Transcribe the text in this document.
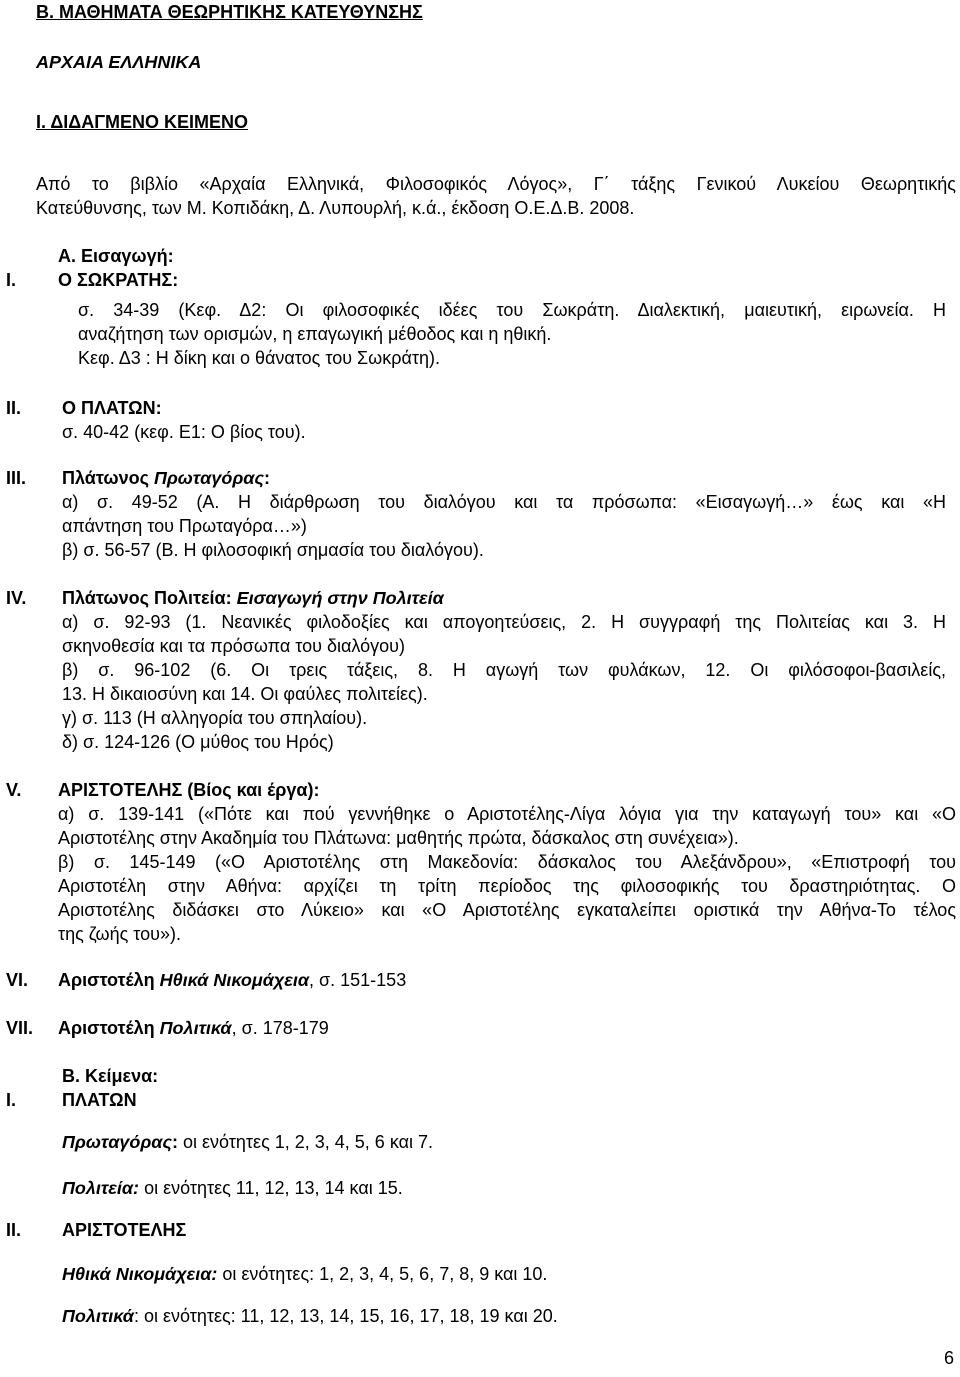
Β. ΜΑΘΗΜΑΤΑ ΘΕΩΡΗΤΙΚΗΣ ΚΑΤΕΥΘΥΝΣΗΣ
ΑΡΧΑΙΑ ΕΛΛΗΝΙΚΑ
Ι. ΔΙΔΑΓΜΕΝΟ ΚΕΙΜΕΝΟ
Από το βιβλίο «Αρχαία Ελληνικά, Φιλοσοφικός Λόγος», Γ΄ τάξης Γενικού Λυκείου Θεωρητικής
Κατεύθυνσης, των Μ. Κοπιδάκη, Δ. Λυπουρλή, κ.ά., έκδοση Ο.Ε.Δ.Β. 2008.
Α. Εισαγωγή:
I. Ο ΣΩΚΡΑΤΗΣ:
σ. 34-39 (Κεφ. Δ2: Οι φιλοσοφικές ιδέες του Σωκράτη. Διαλεκτική, μαιευτική, ειρωνεία. Η
αναζήτηση των ορισμών, η επαγωγική μέθοδος και η ηθική.
Κεφ. Δ3 : Η δίκη και ο θάνατος του Σωκράτη).
II. Ο ΠΛΑΤΩΝ:
σ. 40-42 (κεφ. Ε1: Ο βίος του).
III. Πλάτωνος Πρωταγόρας:
α) σ. 49-52 (Α. Η διάρθρωση του διαλόγου και τα πρόσωπα: «Εισαγωγή…» έως και «Η
απάντηση του Πρωταγόρα…»)
β) σ. 56-57 (Β. Η φιλοσοφική σημασία του διαλόγου).
IV. Πλάτωνος Πολιτεία: Εισαγωγή στην Πολιτεία
α) σ. 92-93 (1. Νεανικές φιλοδοξίες και απογοητεύσεις, 2. Η συγγραφή της Πολιτείας και 3. Η
σκηνοθεσία και τα πρόσωπα του διαλόγου)
β) σ. 96-102 (6. Οι τρεις τάξεις, 8. Η αγωγή των φυλάκων, 12. Οι φιλόσοφοι-βασιλείς,
13. Η δικαιοσύνη και 14. Οι φαύλες πολιτείες).
γ) σ. 113 (Η αλληγορία του σπηλαίου).
δ) σ. 124-126 (Ο μύθος του Ηρός)
V. ΑΡΙΣΤΟΤΕΛΗΣ (Βίος και έργα):
α) σ. 139-141 («Πότε και πού γεννήθηκε ο Αριστοτέλης-Λίγα λόγια για την καταγωγή του» και «Ο
Αριστοτέλης στην Ακαδημία του Πλάτωνα: μαθητής πρώτα, δάσκαλος στη συνέχεια»).
β) σ. 145-149 («Ο Αριστοτέλης στη Μακεδονία: δάσκαλος του Αλεξάνδρου», «Επιστροφή του
Αριστοτέλη στην Αθήνα: αρχίζει τη τρίτη περίοδος της φιλοσοφικής του δραστηριότητας. Ο
Αριστοτέλης διδάσκει στο Λύκειο» και «Ο Αριστοτέλης εγκαταλείπει οριστικά την Αθήνα-Το τέλος
της ζωής του»).
VI. Αριστοτέλη Ηθικά Νικομάχεια, σ. 151-153
VII. Αριστοτέλη Πολιτικά, σ. 178-179
Β. Κείμενα:
I.	ΠΛΑΤΩΝ
Πρωταγόρας: οι ενότητες 1, 2, 3, 4, 5, 6 και 7.
Πολιτεία: οι ενότητες 11, 12, 13, 14 και 15.
II. ΑΡΙΣΤΟΤΕΛΗΣ
Ηθικά Νικομάχεια: οι ενότητες: 1, 2, 3, 4, 5, 6, 7, 8, 9 και 10.
Πολιτικά: οι ενότητες: 11, 12, 13, 14, 15, 16, 17, 18, 19 και 20.
6
